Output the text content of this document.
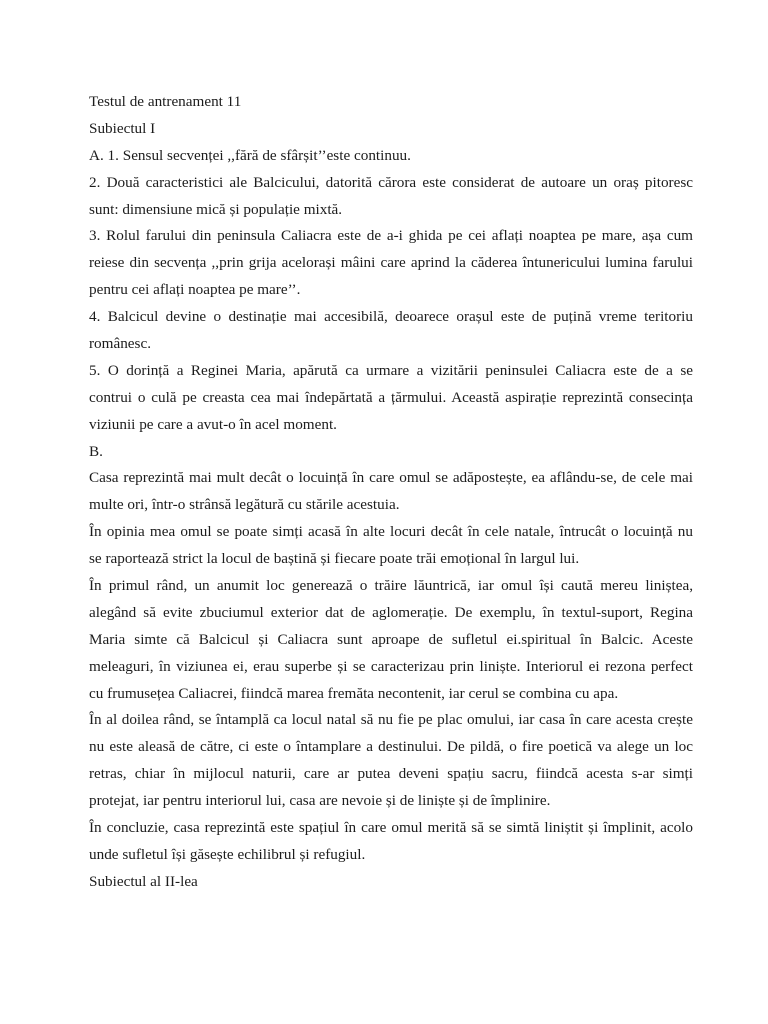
Testul de antrenament 11
Subiectul I
A. 1. Sensul secvenței ,,fără de sfârșit’’este continuu.
2. Două caracteristici ale Balcicului, datorită cărora este considerat de autoare un oraș pitoresc
sunt: dimensiune mică și populație mixtă.
3. Rolul farului din peninsula Caliacra este de a-i ghida pe cei aflați noaptea pe mare, așa cum
reiese din secvența ,,prin grija acelorași mâini care aprind la căderea întunericului lumina farului
pentru cei aflați noaptea pe mare’’.
4. Balcicul devine o destinație mai accesibilă, deoarece orașul este de puțină vreme teritoriu
românesc.
5. O dorință a Reginei Maria, apărută ca urmare a vizitării peninsulei Caliacra este de a se
contrui o culă pe creasta cea mai îndepărtată a țărmului. Această aspirație reprezintă consecința
viziunii pe care a avut-o în acel moment.
B.
Casa reprezintă mai mult decât o locuință în care omul se adăpostește, ea aflându-se, de cele mai
multe ori, într-o strânsă legătură cu stările acestuia.
În opinia mea omul se poate simți acasă în alte locuri decât în cele natale, întrucât o locuință nu
se raportează strict la locul de baștină și fiecare poate trăi emoțional în largul lui.
În primul rând, un anumit loc generează o trăire lăuntrică, iar omul își caută mereu liniștea,
alegând să evite zbuciumul exterior dat de aglomerație. De exemplu, în textul-suport, Regina
Maria simte că Balcicul și Caliacra sunt aproape de sufletul ei.spiritual în Balcic. Aceste
meleaguri, în viziunea ei, erau superbe și se caracterizau prin liniște. Interiorul ei rezona perfect
cu frumusețea Caliacrei, fiindcă marea fremăta necontenit, iar cerul se combina cu apa.
În al doilea rând, se întamplă ca locul natal să nu fie pe plac omului, iar casa în care acesta crește
nu este aleasă de către, ci este o întamplare a destinului. De pildă, o fire poetică va alege un loc
retras, chiar în mijlocul naturii, care ar putea deveni spațiu sacru, fiindcă acesta s-ar simți
protejat, iar pentru interiorul lui, casa are nevoie și de liniște și de împlinire.
În concluzie, casa reprezintă este spațiul în care omul merită să se simtă liniștit și împlinit, acolo
unde sufletul își găsește echilibrul și refugiul.
Subiectul al II-lea
